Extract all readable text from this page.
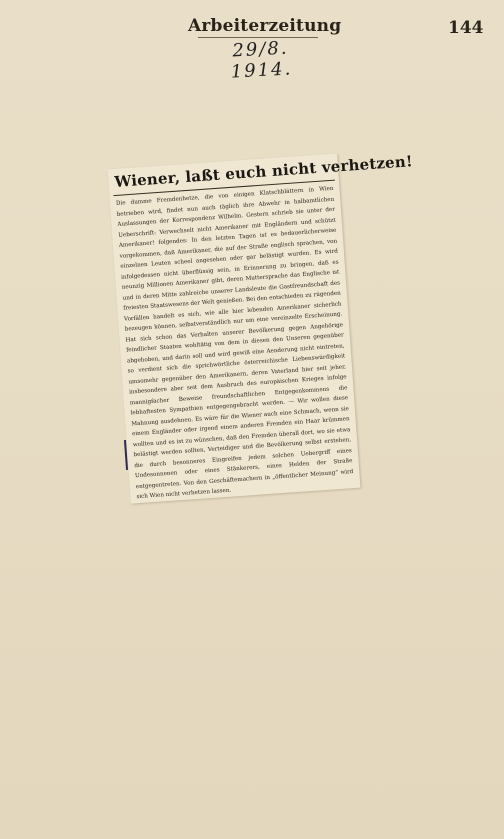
Arbeiterzeitung	144
29/8. 1914.
Wiener, laßt euch nicht verhetzen!

Die dumme Fremdenhetze, die von einigen Klatschblättern in Wien betrieben wird, findet nun auch täglich ihre Abwehr in halbamtlichen Auslassungen der Korrespondenz Wilhelm. Gestern schrieb sie unter der Ueberschrift: Verwechselt nicht Amerikaner mit Engländern und schützt Amerikaner! folgendes: In den letzten Tagen ist es bedauerlicherweise vorgekommen, daß Amerikaner, die auf der Straße englisch sprachen, von einzelnen Leuten scheel angesehen oder gar belästigt wurden. Es wird infolgedessen nicht überflüssig sein, in Erinnerung zu bringen, daß es neunzig Millionen Amerikaner gibt, deren Muttersprache das Englische ist und in deren Mitte zahlreiche unserer Landsleute die Gastfreundschaft des freiesten Staatswesens der Welt genießen. Bei den entschieden zu rügenden Vorfällen handelt es sich, wie alle hier lebenden Amerikaner sicherlich bezeugen können, selbstverständlich nur um eine vereinzelte Erscheinung. Hat sich schon das Verhalten unserer Bevölkerung gegen Angehörige feindlicher Staaten wohltätig von dem in diesen den Unseren gegenüber abgehoben, und darin soll und wird gewiß eine Aenderung nicht eintreten, so verdient sich die sprichwörtliche österreichische Liebenswürdigkeit umsomehr gegenüber den Amerikanern, deren Vaterland hier seit jeher, insbesondere aber seit dem Ausbruch des europäischen Krieges infolge mannigfacher Beweise freundschaftlichen Entgegenkommens die lebhaftesten Sympathien entgegengebracht werden. — Wir wollen diese Mahnung ausdehnen. Es wäre für die Wiener auch eine Schmach, wenn sie einem Engländer oder irgend einem anderen Fremden ein Haar krümmen wollten und es ist zu wünschen, daß den Fremden überall dort, wo sie etwa belästigt werden sollten, Verteidiger und die Bevölkerung selbst erstehen, die durch besonneres Eingreifen jedem solchen Uebergriff eines Undesonnenen oder eines Stänkerers, eines Helden der Straße entgegentreten. Von den Geschäftemachern in „öffentlicher Meinung“ wird sich Wien nicht verhetzen lassen.
